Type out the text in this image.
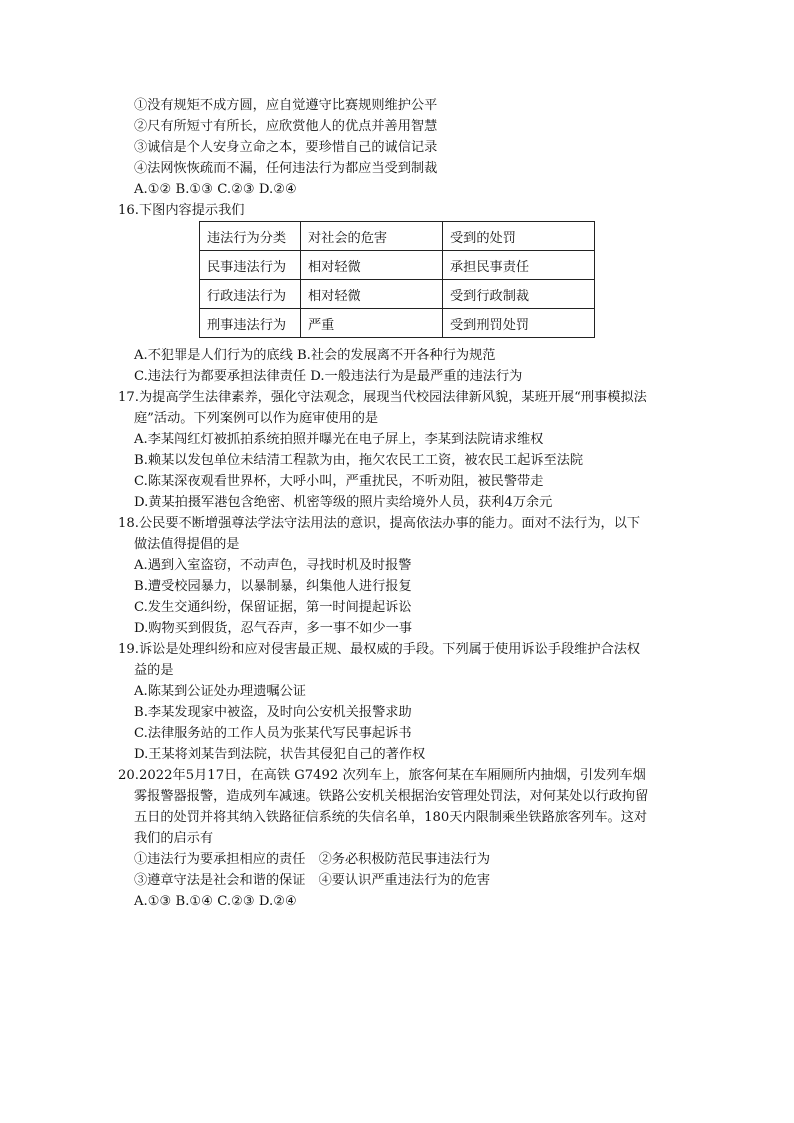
①没有规矩不成方圆，应自觉遵守比赛规则维护公平
②尺有所短寸有所长，应欣赏他人的优点并善用智慧
③诚信是个人安身立命之本，要珍惜自己的诚信记录
④法网恢恢疏而不漏，任何违法行为都应当受到制裁
A.①② B.①③ C.②③ D.②④
16.下图内容提示我们
违法行为分类	对社会的危害	受到的处罚
民事违法行为	相对轻微	承担民事责任
行政违法行为	相对轻微	受到行政制裁
刑事违法行为	严重	受到刑罚处罚
A.不犯罪是人们行为的底线 B.社会的发展离不开各种行为规范
C.违法行为都要承担法律责任 D.一般违法行为是最严重的违法行为
17.为提高学生法律素养，强化守法观念，展现当代校园法律新风貌，某班开展“刑事模拟法
庭”活动。下列案例可以作为庭审使用的是
A.李某闯红灯被抓拍系统拍照并曝光在电子屏上，李某到法院请求维权
B.赖某以发包单位未结清工程款为由，拖欠农民工工资，被农民工起诉至法院
C.陈某深夜观看世界杯，大呼小叫，严重扰民，不听劝阻，被民警带走
D.黄某拍摄军港包含绝密、机密等级的照片卖给境外人员，获利4万余元
18.公民要不断增强尊法学法守法用法的意识，提高依法办事的能力。面对不法行为，以下
做法值得提倡的是
A.遇到入室盗窃，不动声色，寻找时机及时报警
B.遭受校园暴力，以暴制暴，纠集他人进行报复
C.发生交通纠纷，保留证据，第一时间提起诉讼
D.购物买到假货，忍气吞声，多一事不如少一事
19.诉讼是处理纠纷和应对侵害最正规、最权威的手段。下列属于使用诉讼手段维护合法权
益的是
A.陈某到公证处办理遗嘱公证
B.李某发现家中被盗，及时向公安机关报警求助
C.法律服务站的工作人员为张某代写民事起诉书
D.王某将刘某告到法院，状告其侵犯自己的著作权
20.2022年5月17日，在高铁 G7492 次列车上，旅客何某在车厢厕所内抽烟，引发列车烟
雾报警器报警，造成列车减速。铁路公安机关根据治安管理处罚法，对何某处以行政拘留
五日的处罚并将其纳入铁路征信系统的失信名单，180天内限制乘坐铁路旅客列车。这对
我们的启示有
①违法行为要承担相应的责任　②务必积极防范民事违法行为
③遵章守法是社会和谐的保证　④要认识严重违法行为的危害
A.①③ B.①④ C.②③ D.②④
